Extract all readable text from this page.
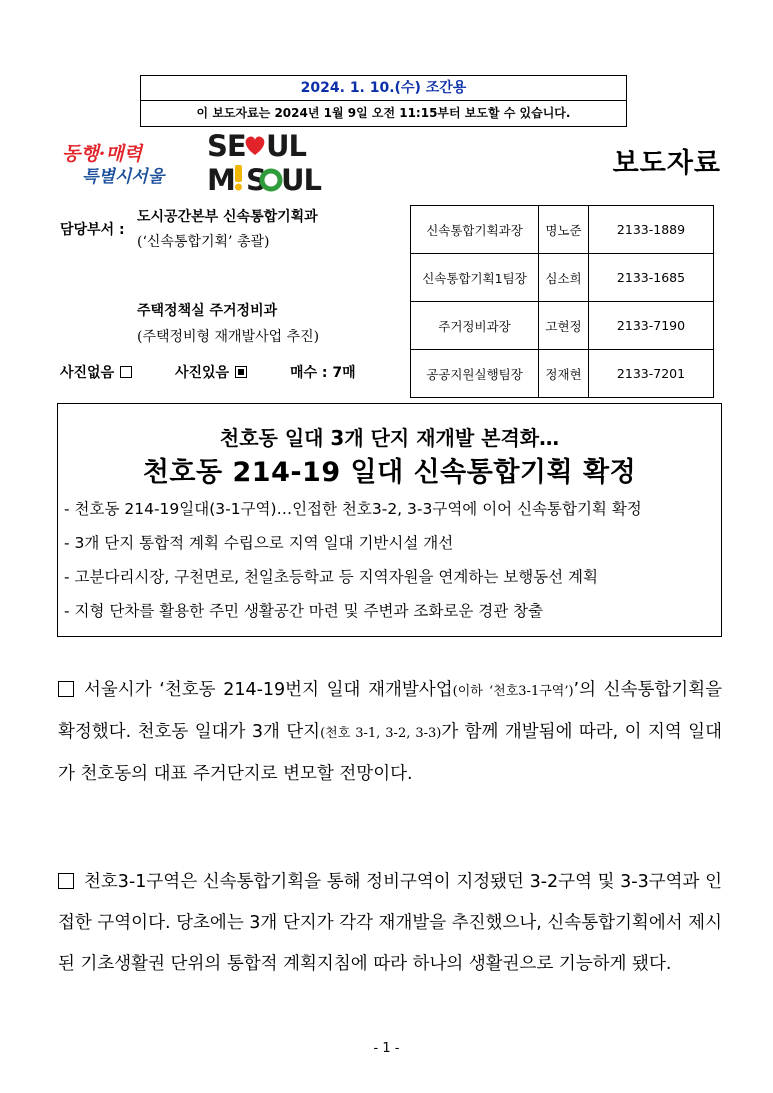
2024. 1. 10.(수) 조간용
이 보도자료는 2024년 1월 9일 오전 11:15부터 보도할 수 있습니다.
동행·매력
특별시서울
SE UL
M S UL	보도자료
담당부서 :
도시공간본부 신속통합기획과
(‘신속통합기획’ 총괄)
주택정책실 주거정비과
(주택정비형 재개발사업 추진)
사진없음	사진있음	매수 : 7매
신속통합기획과장	명노준	2133-1889
신속통합기획1팀장	심소희	2133-1685
주거정비과장	고현정	2133-7190
공공지원실행팀장	정재현	2133-7201
천호동 일대 3개 단지 재개발 본격화…
천호동 214-19 일대 신속통합기획 확정
- 천호동 214-19일대(3-1구역)…인접한 천호3-2, 3-3구역에 이어 신속통합기획 확정
- 3개 단지 통합적 계획 수립으로 지역 일대 기반시설 개선
- 고분다리시장, 구천면로, 천일초등학교 등 지역자원을 연계하는 보행동선 계획
- 지형 단차를 활용한 주민 생활공간 마련 및 주변과 조화로운 경관 창출
서울시가 ‘천호동 214-19번지 일대 재개발사업(이하 ‘천호3-1구역’)’의 신속통합기획을 확정했다. 천호동 일대가 3개 단지(천호 3-1, 3-2, 3-3)가 함께 개발됨에 따라, 이 지역 일대가 천호동의 대표 주거단지로 변모할 전망이다.
천호3-1구역은 신속통합기획을 통해 정비구역이 지정됐던 3-2구역 및 3-3구역과 인접한 구역이다. 당초에는 3개 단지가 각각 재개발을 추진했으나, 신속통합기획에서 제시된 기초생활권 단위의 통합적 계획지침에 따라 하나의 생활권으로 기능하게 됐다.
- 1 -
